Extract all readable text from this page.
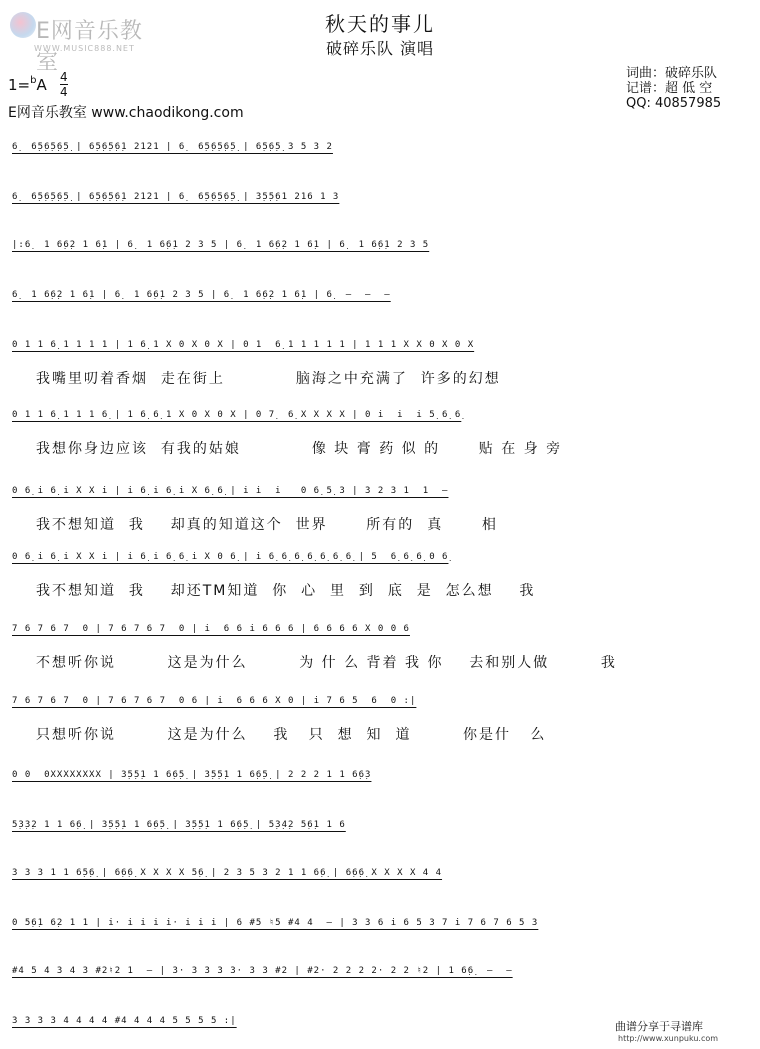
E网音乐教室
WWW.MUSIC888.NET
秋天的事儿
破碎乐队 演唱
1=$^b$A 4
4
E网音乐教室 www.chaodikong.com
词曲：破碎乐队
记谱：超 低 空
QQ: 40857985
6̣  6̣5̣6̣5̣6̣5̣ | 6̣5̣6̣5̣6̣1 2121 | 6̣  6̣5̣6̣5̣6̣5̣ | 6̣5̣6̣5̣ 3 5 3 2
6̣  6̣5̣6̣5̣6̣5̣ | 6̣5̣6̣5̣6̣1 2121 | 6̣  6̣5̣6̣5̣6̣5̣ | 3̣5̣5̣61 216 1 3
|:6̣  1 6̣6̣2 1 6̣1 | 6̣  1 6̣6̣1 2 3 5 | 6̣  1 6̣6̣2 1 6̣1 | 6̣  1 6̣6̣1 2 3 5
6̣  1 6̣6̣2 1 6̣1 | 6̣  1 6̣6̣1 2 3 5 | 6̣  1 6̣6̣2 1 6̣1 | 6̣  —  —  —
0 1 1 6̣ 1 1 1 1 | 1 6̣ 1 X 0 X 0 X | 0 1  6̣ 1 1 1 1 1 | 1 1 1 X X 0 X 0 X
我嘴里叨着香烟  走在街上           脑海之中充满了  许多的幻想
0 1 1 6̣ 1 1 1 6̣ | 1 6̣ 6̣ 1 X 0 X 0 X | 0 7̣  6̣ X X X X | 0 i  i  i 5̣ 6̣ 6̣
我想你身边应该  有我的姑娘           像 块 膏 药 似 的      贴 在 身 旁
0 6̣ i 6̣ i X X i | i 6̣ i 6̣ i X 6̣ 6̣ | i i  i   0 6̣ 5̣ 3 | 3 2 3 1  1  —
我不想知道  我    却真的知道这个  世界      所有的  真      相
0 6̣ i 6̣ i X X i | i 6̣ i 6̣ 6̣ i X 0 6̣ | i 6̣ 6̣ 6̣ 6̣ 6̣ 6̣ 6̣ | 5  6̣ 6̣ 6̣ 0 6̣
我不想知道  我    却还TM知道  你  心  里  到  底  是  怎么想    我
7 6 7 6 7  0 | 7 6 7 6 7  0 | i  6 6 i 6 6 6 | 6 6 6 6 X 0 0 6
不想听你说        这是为什么        为 什 么 背着 我 你    去和别人做        我
7 6 7 6 7  0 | 7 6 7 6 7  0 6 | i  6 6 6 X 0 | i 7 6 5  6  0 :|
只想听你说        这是为什么    我   只  想  知  道        你是什   么
0 0  0XXXXXXXX | 3̣5̣5̣1 1 6̣6̣5̣ | 3̣5̣5̣1 1 6̣6̣5̣ | 2 2 2 1 1 6̣6̣3
5̣3̣3̣2 1 1 6̣6̣ | 3̣5̣5̣1 1 6̣6̣5̣ | 3̣5̣5̣1 1 6̣6̣5̣ | 5̣3̣4̣2 5̣6̣1 1 6
3 3 3 1 1 6̣5̣6̣ | 6̣6̣6̣ X X X X 5̣6̣ | 2 3 5 3 2 1 1 6̣6̣ | 6̣6̣6̣ X X X X 4 4
0 5̣6̣1 6̣2 1 1 | i· i i i i· i i i | 6 #5 ♮5 #4 4  — | 3 3 6 i 6 5 3 7 i 7 6 7 6 5 3
#4 5 4 3 4 3 #2♮2 1  — | 3· 3 3 3 3· 3 3 #2 | #2· 2 2 2 2· 2 2 ♮2 | 1 6̣6̣  —  —
3 3 3 3 4 4 4 4 #4 4 4 4 5 5 5 5 :|	曲谱分享于寻谱库
http://www.xunpuku.com
